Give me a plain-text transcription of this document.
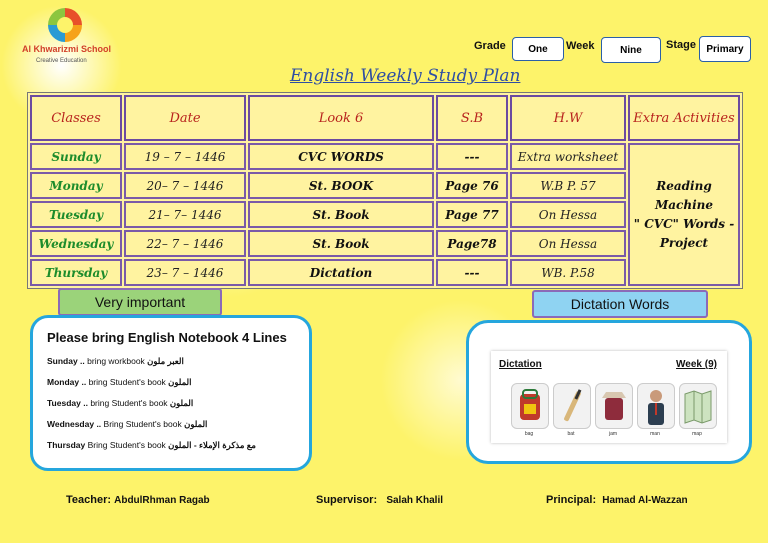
Al Khwarizmi School
Creative Education
Grade	One	Week	Nine	Stage	Primary
English Weekly Study Plan
Classes	Date	Look 6	S.B	H.W	Extra Activities
Sunday	19 – 7 – 1446	CVC WORDS	---	Extra worksheet	Reading
Machine
" CVC" Words -
Project

Monday	20– 7 – 1446	St. BOOK	Page 76	W.B P. 57	
Tuesday	21– 7– 1446	St. Book	Page 77	On Hessa	
Wednesday	22– 7 – 1446	St. Book	Page78	On Hessa	
Thursday	23– 7 – 1446	Dictation	---	WB. P.58	
Very important	Dictation Words
Please bring English Notebook 4 Lines
Sunday .. bring workbook العبر ملون
Monday .. bring Student's book الملون
Tuesday .. bring Student's book الملون
Wednesday .. Bring Student's book الملون
Thursday Bring Student's book مع مذكرة الإملاء - الملون
Dictation	Week (9)
bag	bat	jam	man	map
Teacher: AbdulRhman Ragab	Supervisor: Salah Khalil	Principal: Hamad Al-Wazzan
